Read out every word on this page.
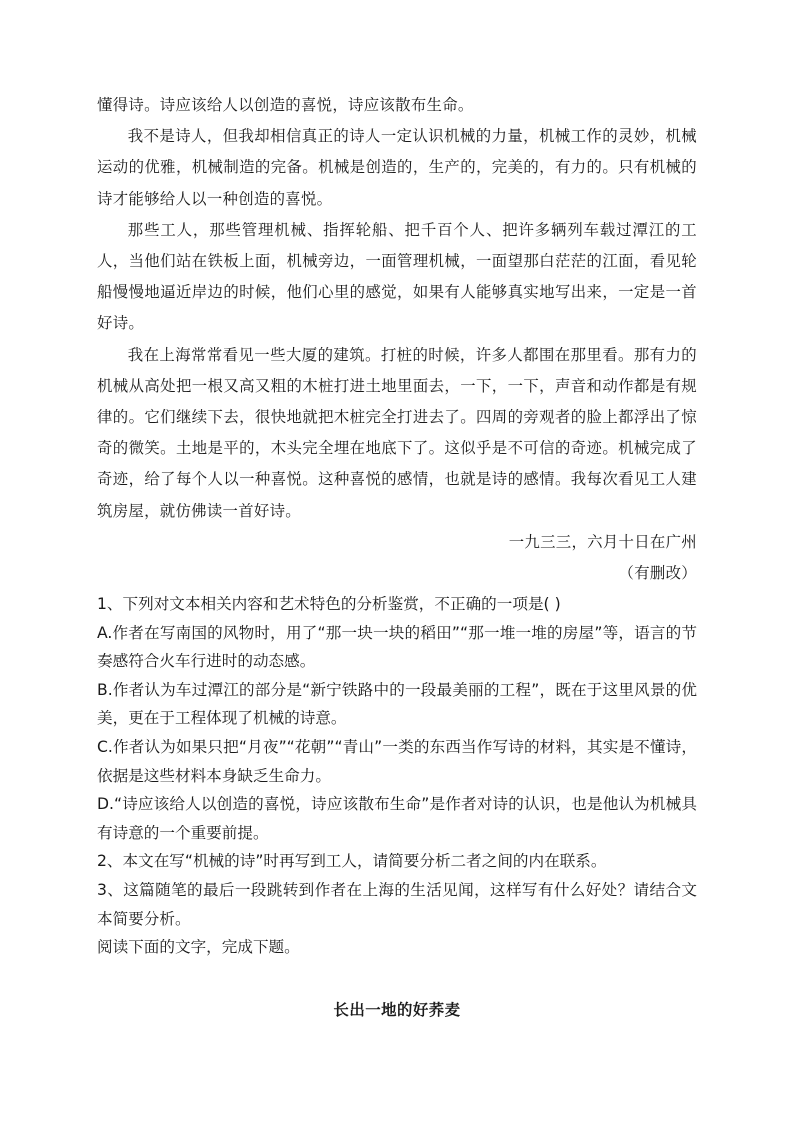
懂得诗。诗应该给人以创造的喜悦，诗应该散布生命。

我不是诗人，但我却相信真正的诗人一定认识机械的力量，机械工作的灵妙，机械运动的优雅，机械制造的完备。机械是创造的，生产的，完美的，有力的。只有机械的诗才能够给人以一种创造的喜悦。

那些工人，那些管理机械、指挥轮船、把千百个人、把许多辆列车载过潭江的工人，当他们站在铁板上面，机械旁边，一面管理机械，一面望那白茫茫的江面，看见轮船慢慢地逼近岸边的时候，他们心里的感觉，如果有人能够真实地写出来，一定是一首好诗。

我在上海常常看见一些大厦的建筑。打桩的时候，许多人都围在那里看。那有力的机械从高处把一根又高又粗的木桩打进土地里面去，一下，一下，声音和动作都是有规律的。它们继续下去，很快地就把木桩完全打进去了。四周的旁观者的脸上都浮出了惊奇的微笑。土地是平的，木头完全埋在地底下了。这似乎是不可信的奇迹。机械完成了奇迹，给了每个人以一种喜悦。这种喜悦的感情，也就是诗的感情。我每次看见工人建筑房屋，就仿佛读一首好诗。

一九三三，六月十日在广州

（有删改）

1、下列对文本相关内容和艺术特色的分析鉴赏，不正确的一项是( )

A.作者在写南国的风物时，用了“那一块一块的稻田”“那一堆一堆的房屋”等，语言的节奏感符合火车行进时的动态感。

B.作者认为车过潭江的部分是“新宁铁路中的一段最美丽的工程”，既在于这里风景的优美，更在于工程体现了机械的诗意。

C.作者认为如果只把“月夜”“花朝”“青山”一类的东西当作写诗的材料，其实是不懂诗，依据是这些材料本身缺乏生命力。

D.“诗应该给人以创造的喜悦，诗应该散布生命”是作者对诗的认识，也是他认为机械具有诗意的一个重要前提。

2、本文在写“机械的诗”时再写到工人，请简要分析二者之间的内在联系。

3、这篇随笔的最后一段跳转到作者在上海的生活见闻，这样写有什么好处？请结合文本简要分析。

阅读下面的文字，完成下题。

长出一地的好荞麦
